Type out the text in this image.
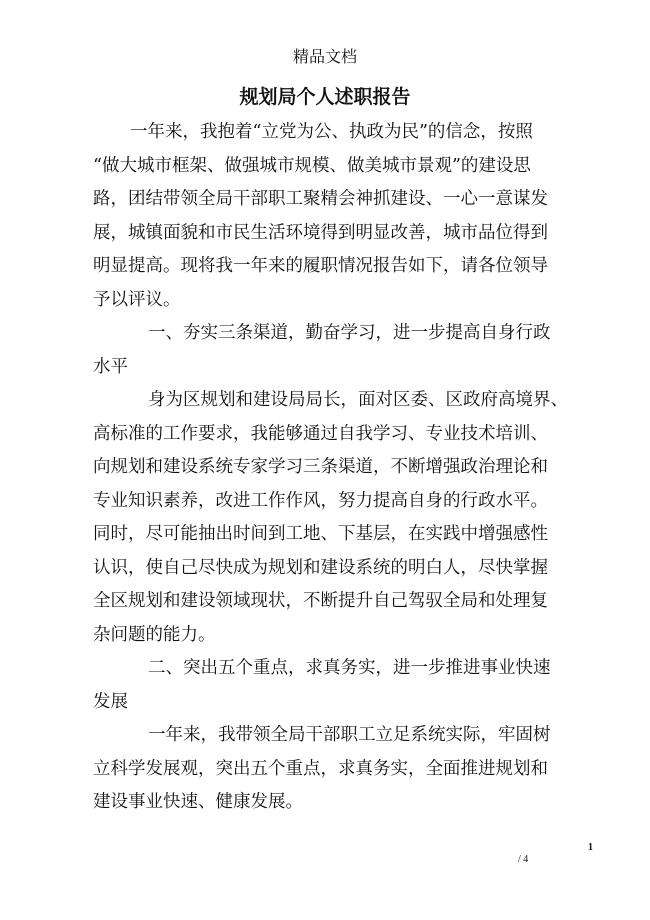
精品文档
规划局个人述职报告
一年来，我抱着“立党为公、执政为民”的信念，按照
“做大城市框架、做强城市规模、做美城市景观”的建设思
路，团结带领全局干部职工聚精会神抓建设、一心一意谋发
展，城镇面貌和市民生活环境得到明显改善，城市品位得到
明显提高。现将我一年来的履职情况报告如下，请各位领导
予以评议。
一、夯实三条渠道，勤奋学习，进一步提高自身行政
水平
身为区规划和建设局局长，面对区委、区政府高境界、
高标准的工作要求，我能够通过自我学习、专业技术培训、
向规划和建设系统专家学习三条渠道，不断增强政治理论和
专业知识素养，改进工作作风，努力提高自身的行政水平。
同时，尽可能抽出时间到工地、下基层，在实践中增强感性
认识，使自己尽快成为规划和建设系统的明白人，尽快掌握
全区规划和建设领域现状，不断提升自己驾驭全局和处理复
杂问题的能力。
二、突出五个重点，求真务实，进一步推进事业快速
发展
一年来，我带领全局干部职工立足系统实际，牢固树
立科学发展观，突出五个重点，求真务实，全面推进规划和
建设事业快速、健康发展。
1
/ 4
